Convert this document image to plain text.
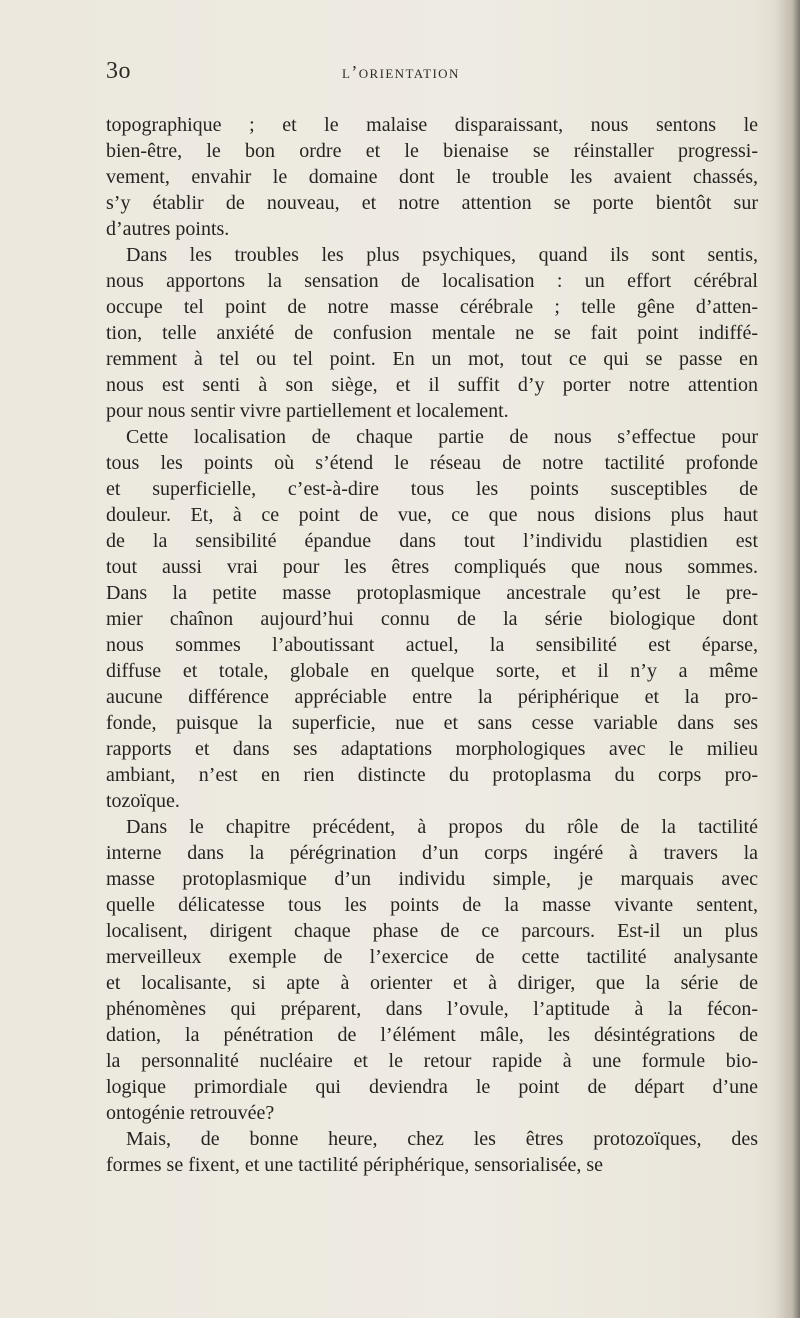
3o	l’orientation
topographique ; et le malaise disparaissant, nous sentons le
bien-être, le bon ordre et le bienaise se réinstaller progressi-
vement, envahir le domaine dont le trouble les avaient chassés,
s’y établir de nouveau, et notre attention se porte bientôt sur
d’autres points.
Dans les troubles les plus psychiques, quand ils sont sentis,
nous apportons la sensation de localisation : un effort cérébral
occupe tel point de notre masse cérébrale ; telle gêne d’atten-
tion, telle anxiété de confusion mentale ne se fait point indiffé-
remment à tel ou tel point. En un mot, tout ce qui se passe en
nous est senti à son siège, et il suffit d’y porter notre attention
pour nous sentir vivre partiellement et localement.
Cette localisation de chaque partie de nous s’effectue pour
tous les points où s’étend le réseau de notre tactilité profonde
et superficielle, c’est-à-dire tous les points susceptibles de
douleur. Et, à ce point de vue, ce que nous disions plus haut
de la sensibilité épandue dans tout l’individu plastidien est
tout aussi vrai pour les êtres compliqués que nous sommes.
Dans la petite masse protoplasmique ancestrale qu’est le pre-
mier chaînon aujourd’hui connu de la série biologique dont
nous sommes l’aboutissant actuel, la sensibilité est éparse,
diffuse et totale, globale en quelque sorte, et il n’y a même
aucune différence appréciable entre la périphérique et la pro-
fonde, puisque la superficie, nue et sans cesse variable dans ses
rapports et dans ses adaptations morphologiques avec le milieu
ambiant, n’est en rien distincte du protoplasma du corps pro-
tozoïque.
Dans le chapitre précédent, à propos du rôle de la tactilité
interne dans la pérégrination d’un corps ingéré à travers la
masse protoplasmique d’un individu simple, je marquais avec
quelle délicatesse tous les points de la masse vivante sentent,
localisent, dirigent chaque phase de ce parcours. Est-il un plus
merveilleux exemple de l’exercice de cette tactilité analysante
et localisante, si apte à orienter et à diriger, que la série de
phénomènes qui préparent, dans l’ovule, l’aptitude à la fécon-
dation, la pénétration de l’élément mâle, les désintégrations de
la personnalité nucléaire et le retour rapide à une formule bio-
logique primordiale qui deviendra le point de départ d’une
ontogénie retrouvée?
Mais, de bonne heure, chez les êtres protozoïques, des
formes se fixent, et une tactilité périphérique, sensorialisée, se
